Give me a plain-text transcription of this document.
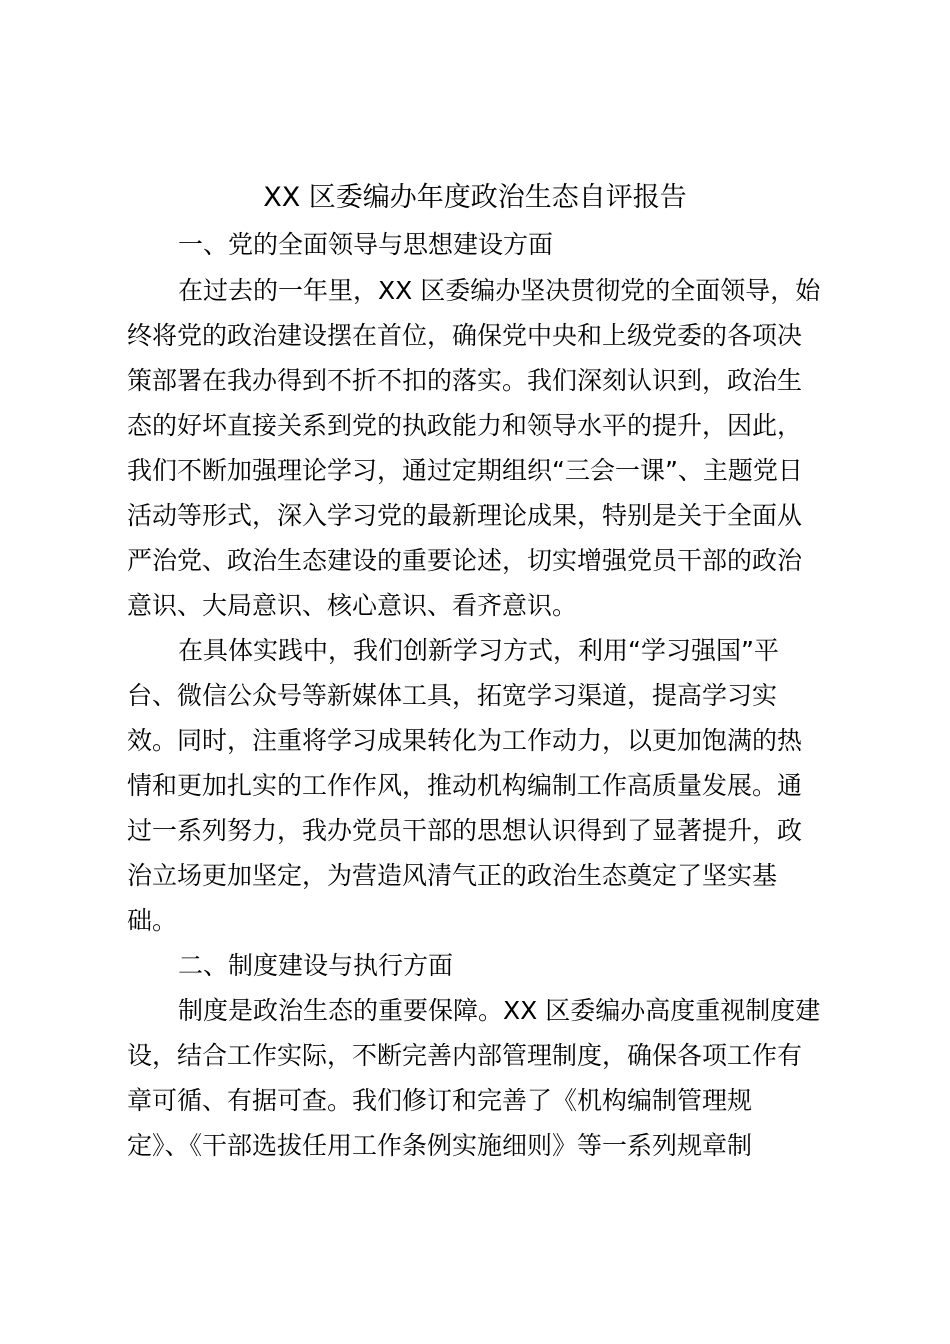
XX 区委编办年度政治生态自评报告
一、党的全面领导与思想建设方面
在过去的一年里，XX 区委编办坚决贯彻党的全面领导，始
终将党的政治建设摆在首位，确保党中央和上级党委的各项决
策部署在我办得到不折不扣的落实。我们深刻认识到，政治生
态的好坏直接关系到党的执政能力和领导水平的提升，因此，
我们不断加强理论学习，通过定期组织“三会一课”、主题党日
活动等形式，深入学习党的最新理论成果，特别是关于全面从
严治党、政治生态建设的重要论述，切实增强党员干部的政治
意识、大局意识、核心意识、看齐意识。
在具体实践中，我们创新学习方式，利用“学习强国”平
台、微信公众号等新媒体工具，拓宽学习渠道，提高学习实
效。同时，注重将学习成果转化为工作动力，以更加饱满的热
情和更加扎实的工作作风，推动机构编制工作高质量发展。通
过一系列努力，我办党员干部的思想认识得到了显著提升，政
治立场更加坚定，为营造风清气正的政治生态奠定了坚实基
础。
二、制度建设与执行方面
制度是政治生态的重要保障。XX 区委编办高度重视制度建
设，结合工作实际，不断完善内部管理制度，确保各项工作有
章可循、有据可查。我们修订和完善了《机构编制管理规
定》、《干部选拔任用工作条例实施细则》等一系列规章制
